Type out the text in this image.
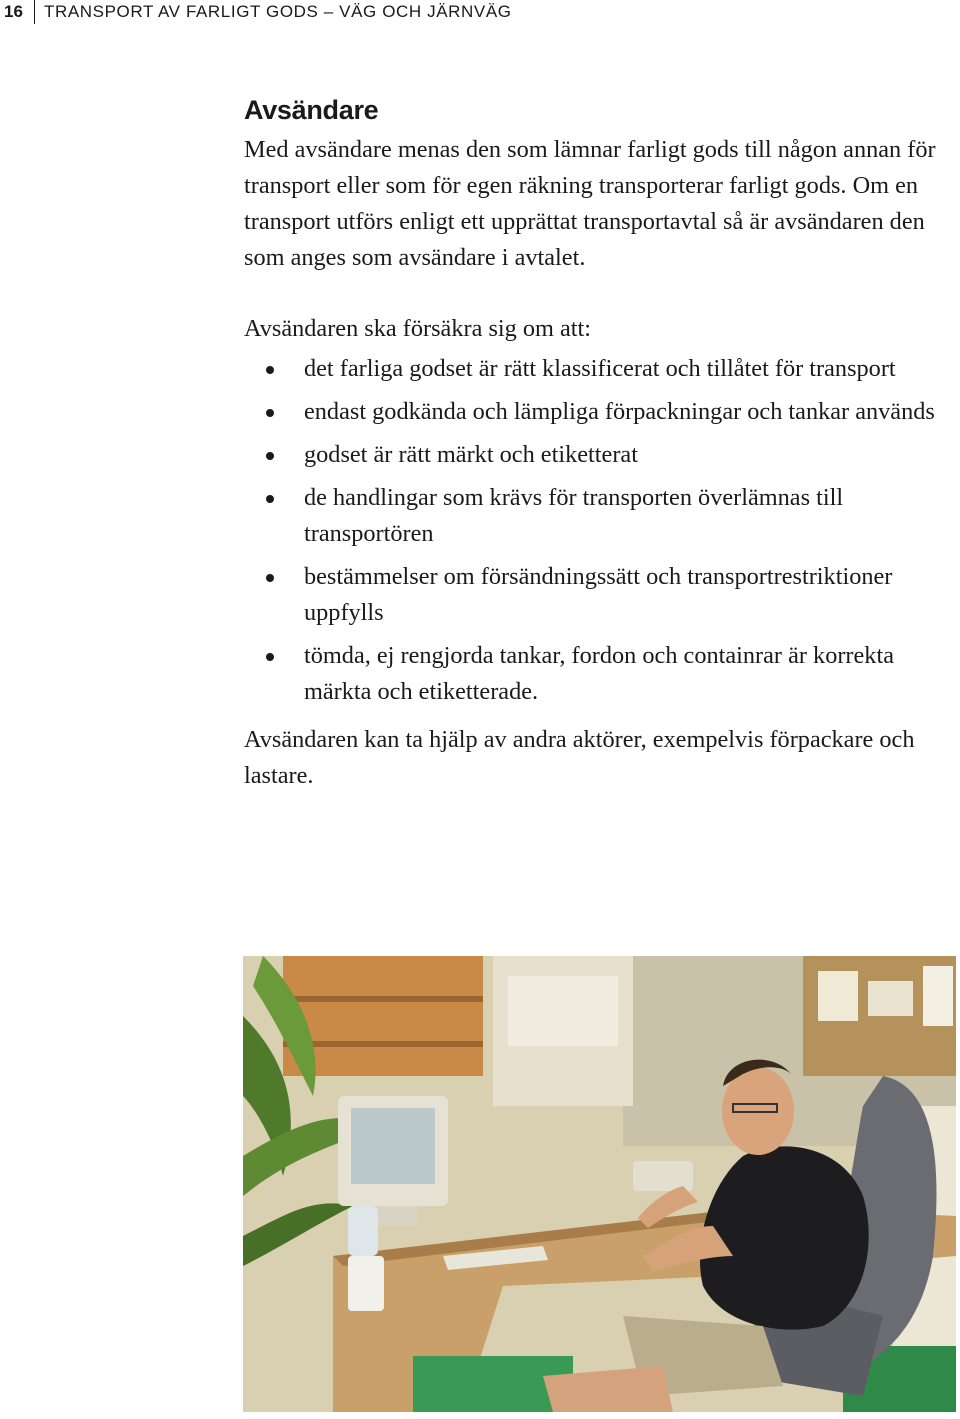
16	TRANSPORT AV FARLIGT GODS – VÄG OCH JÄRNVÄG
Avsändare

Med avsändare menas den som lämnar farligt gods till någon annan för transport eller som för egen räkning transporterar farligt gods. Om en transport utförs enligt ett upprättat transportavtal så är avsändaren den som anges som avsändare i avtalet.

Avsändaren ska försäkra sig om att:

det farliga godset är rätt klassificerat och tillåtet för transport
endast godkända och lämpliga förpackningar och tankar används
godset är rätt märkt och etiketterat
de handlingar som krävs för transporten överlämnas till transportören
bestämmelser om försändningssätt och transportrestriktioner uppfylls
tömda, ej rengjorda tankar, fordon och containrar är korrekta märkta och etiketterade.

Avsändaren kan ta hjälp av andra aktörer, exempelvis förpackare och lastare.
